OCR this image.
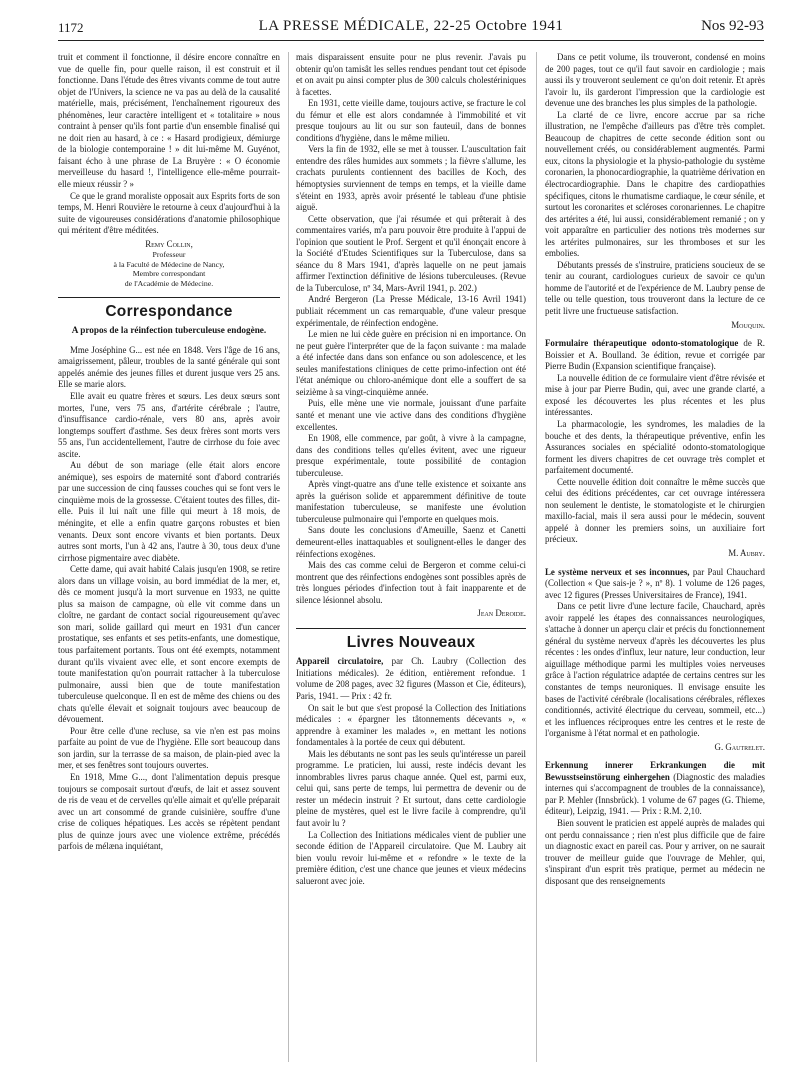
1172	LA PRESSE MÉDICALE, 22-25 Octobre 1941	Nos 92-93

truit et comment il fonctionne, il désire encore connaître en vue de quelle fin, pour quelle raison, il est construit et il fonctionne. Dans l'étude des êtres vivants comme de tout autre objet de l'Univers, la science ne va pas au delà de la causalité matérielle, mais, précisément, l'enchaînement rigoureux des phénomènes, leur caractère intelligent et « totalitaire » nous contraint à penser qu'ils font partie d'un ensemble finalisé qui ne doit rien au hasard, à ce : « Hasard prodigieux, démiurge de la biologie contemporaine ! » dit lui-même M. Guyénot, faisant écho à une phrase de La Bruyère : « O économie merveilleuse du hasard !, l'intelligence elle-même pourrait-elle mieux réussir ? »

Ce que le grand moraliste opposait aux Esprits forts de son temps, M. Henri Rouvière le retourne à ceux d'aujourd'hui à la suite de vigoureuses considérations d'anatomie philosophique qui méritent d'être méditées.

Remy Collin,
Professeur
à la Faculté de Médecine de Nancy,
Membre correspondant
de l'Académie de Médecine.
Correspondance
A propos de la réinfection tuberculeuse endogène.

Mme Joséphine G... est née en 1848. Vers l'âge de 16 ans, amaigrissement, pâleur, troubles de la santé générale qui sont appelés anémie des jeunes filles et durent jusque vers 25 ans. Elle se marie alors.

Elle avait eu quatre frères et sœurs. Les deux sœurs sont mortes, l'une, vers 75 ans, d'artérite cérébrale ; l'autre, d'insuffisance cardio-rénale, vers 80 ans, après avoir longtemps souffert d'asthme. Ses deux frères sont morts vers 55 ans, l'un accidentellement, l'autre de cirrhose du foie avec ascite.

Au début de son mariage (elle était alors encore anémique), ses espoirs de maternité sont d'abord contrariés par une succession de cinq fausses couches qui se font vers le cinquième mois de la grossesse. C'étaient toutes des filles, dit-elle. Puis il lui naît une fille qui meurt à 18 mois, de méningite, et elle a enfin quatre garçons robustes et bien venants. Deux sont encore vivants et bien portants. Deux autres sont morts, l'un à 42 ans, l'autre à 30, tous deux d'une cirrhose pigmentaire avec diabète.

Cette dame, qui avait habité Calais jusqu'en 1908, se retire alors dans un village voisin, au bord immédiat de la mer, et, dès ce moment jusqu'à la mort survenue en 1933, ne quitte plus sa maison de campagne, où elle vit comme dans un cloître, ne gardant de contact social rigoureusement qu'avec son mari, solide gaillard qui meurt en 1931 d'un cancer prostatique, ses enfants et ses petits-enfants, une domestique, tous parfaitement portants. Tous ont été exempts, notamment durant qu'ils vivaient avec elle, et sont encore exempts de toute manifestation qu'on pourrait rattacher à la tuberculose pulmonaire, aussi bien que de toute manifestation tuberculeuse quelconque. Il en est de même des chiens ou des chats qu'elle élevait et soignait toujours avec beaucoup de dévouement.

Pour être celle d'une recluse, sa vie n'en est pas moins parfaite au point de vue de l'hygiène. Elle sort beaucoup dans son jardin, sur la terrasse de sa maison, de plain-pied avec la mer, et ses fenêtres sont toujours ouvertes.

En 1918, Mme G..., dont l'alimentation depuis presque toujours se composait surtout d'œufs, de lait et assez souvent de ris de veau et de cervelles qu'elle aimait et qu'elle préparait avec un art consommé de grande cuisinière, souffre d'une crise de coliques hépatiques. Les accès se répètent pendant plus de quinze jours avec une violence extrême, précédés parfois de mélæna inquiétant,

mais disparaissent ensuite pour ne plus revenir. J'avais pu obtenir qu'on tamisât les selles rendues pendant tout cet épisode et on avait pu ainsi compter plus de 300 calculs cholestériniques à facettes.

En 1931, cette vieille dame, toujours active, se fracture le col du fémur et elle est alors condamnée à l'immobilité et vit presque toujours au lit ou sur son fauteuil, dans de bonnes conditions d'hygiène, dans le même milieu.

Vers la fin de 1932, elle se met à tousser. L'auscultation fait entendre des râles humides aux sommets ; la fièvre s'allume, les crachats purulents contiennent des bacilles de Koch, des hémoptysies surviennent de temps en temps, et la vieille dame s'éteint en 1933, après avoir présenté le tableau d'une phtisie aiguë.

Cette observation, que j'ai résumée et qui prêterait à des commentaires variés, m'a paru pouvoir être produite à l'appui de l'opinion que soutient le Prof. Sergent et qu'il énonçait encore à la Société d'Etudes Scientifiques sur la Tuberculose, dans sa séance du 8 Mars 1941, d'après laquelle on ne peut jamais affirmer l'extinction définitive de lésions tuberculeuses. (Revue de la Tuberculose, nº 34, Mars-Avril 1941, p. 202.)

André Bergeron (La Presse Médicale, 13-16 Avril 1941) publiait récemment un cas remarquable, d'une valeur presque expérimentale, de réinfection endogène.

Le mien ne lui cède guère en précision ni en importance. On ne peut guère l'interpréter que de la façon suivante : ma malade a été infectée dans dans son enfance ou son adolescence, et les seules manifestations cliniques de cette primo-infection ont été l'état anémique ou chloro-anémique dont elle a souffert de sa seizième à sa vingt-cinquième année.

Puis, elle mène une vie normale, jouissant d'une parfaite santé et menant une vie active dans des conditions d'hygiène excellentes.

En 1908, elle commence, par goût, à vivre à la campagne, dans des conditions telles qu'elles évitent, avec une rigueur presque expérimentale, toute possibilité de contagion tuberculeuse.

Après vingt-quatre ans d'une telle existence et soixante ans après la guérison solide et apparemment définitive de toute manifestation tuberculeuse, se manifeste une évolution tuberculeuse pulmonaire qui l'emporte en quelques mois.

Sans doute les conclusions d'Ameuille, Saenz et Canetti demeurent-elles inattaquables et soulignent-elles le danger des réinfections exogènes.

Mais des cas comme celui de Bergeron et comme celui-ci montrent que des réinfections endogènes sont possibles après de très longues périodes d'infection tout à fait inapparente et de silence lésionnel absolu.

Jean Deroide.
Livres Nouveaux

Appareil circulatoire, par Ch. Laubry (Collection des Initiations médicales). 2e édition, entièrement refondue. 1 volume de 208 pages, avec 32 figures (Masson et Cie, éditeurs), Paris, 1941. — Prix : 42 fr.

On sait le but que s'est proposé la Collection des Initiations médicales : « épargner les tâtonnements décevants », « apprendre à examiner les malades », en mettant les notions fondamentales à la portée de ceux qui débutent.

Mais les débutants ne sont pas les seuls qu'intéresse un pareil programme. Le praticien, lui aussi, reste indécis devant les innombrables livres parus chaque année. Quel est, parmi eux, celui qui, sans perte de temps, lui permettra de devenir ou de rester un médecin instruit ? Et surtout, dans cette cardiologie pleine de mystères, quel est le livre facile à comprendre, qu'il faut avoir lu ?

La Collection des Initiations médicales vient de publier une seconde édition de l'Appareil circulatoire. Que M. Laubry ait bien voulu revoir lui-même et « refondre » le texte de la première édition, c'est une chance que jeunes et vieux médecins salueront avec joie.

Dans ce petit volume, ils trouveront, condensé en moins de 200 pages, tout ce qu'il faut savoir en cardiologie ; mais aussi ils y trouveront seulement ce qu'on doit retenir. Et après l'avoir lu, ils garderont l'impression que la cardiologie est devenue une des branches les plus simples de la pathologie.

La clarté de ce livre, encore accrue par sa riche illustration, ne l'empêche d'ailleurs pas d'être très complet. Beaucoup de chapitres de cette seconde édition sont ou nouvellement créés, ou considérablement augmentés. Parmi eux, citons la physiologie et la physio-pathologie du système coronarien, la phonocardiographie, la quatrième dérivation en électrocardiographie. Dans le chapitre des cardiopathies spécifiques, citons le rhumatisme cardiaque, le cœur sénile, et surtout les coronarites et scléroses coronariennes. Le chapitre des artérites a été, lui aussi, considérablement remanié ; on y voit apparaître en particulier des notions très modernes sur les artérites pulmonaires, sur les thromboses et sur les embolies.

Débutants pressés de s'instruire, praticiens soucieux de se tenir au courant, cardiologues curieux de savoir ce qu'un homme de l'autorité et de l'expérience de M. Laubry pense de telle ou telle question, tous trouveront dans la lecture de ce petit livre une fructueuse satisfaction.

Mouquin.

Formulaire thérapeutique odonto-stomatologique de R. Boissier et A. Boulland. 3e édition, revue et corrigée par Pierre Budin (Expansion scientifique française).

La nouvelle édition de ce formulaire vient d'être révisée et mise à jour par Pierre Budin, qui, avec une grande clarté, a exposé les découvertes les plus récentes et les plus intéressantes.

La pharmacologie, les syndromes, les maladies de la bouche et des dents, la thérapeutique préventive, enfin les Assurances sociales en spécialité odonto-stomatologique forment les divers chapitres de cet ouvrage très complet et parfaitement documenté.

Cette nouvelle édition doit connaître le même succès que celui des éditions précédentes, car cet ouvrage intéressera non seulement le dentiste, le stomatologiste et le chirurgien maxillo-facial, mais il sera aussi pour le médecin, souvent appelé à donner les premiers soins, un auxiliaire fort précieux.

M. Aubry.

Le système nerveux et ses inconnues, par Paul Chauchard (Collection « Que sais-je ? », nº 8). 1 volume de 126 pages, avec 12 figures (Presses Universitaires de France), 1941.

Dans ce petit livre d'une lecture facile, Chauchard, après avoir rappelé les étapes des connaissances neurologiques, s'attache à donner un aperçu clair et précis du fonctionnement général du système nerveux d'après les découvertes les plus récentes : les ondes d'influx, leur nature, leur conduction, leur aiguillage méthodique parmi les multiples voies nerveuses grâce à l'action régulatrice adaptée de certains centres sur les constantes de temps neuroniques. Il envisage ensuite les bases de l'activité cérébrale (localisations cérébrales, réflexes conditionnés, activité électrique du cerveau, sommeil, etc...) et les influences réciproques entre les centres et le reste de l'organisme à l'état normal et en pathologie.

G. Gautrelet.

Erkennung innerer Erkrankungen die mit Bewusstseinstörung einhergehen (Diagnostic des maladies internes qui s'accompagnent de troubles de la connaissance), par P. Mehler (Innsbrück). 1 volume de 67 pages (G. Thieme, éditeur), Leipzig, 1941. — Prix : R.M. 2,10.

Bien souvent le praticien est appelé auprès de malades qui ont perdu connaissance ; rien n'est plus difficile que de faire un diagnostic exact en pareil cas. Pour y arriver, on ne saurait trouver de meilleur guide que l'ouvrage de Mehler, qui, s'inspirant d'un esprit très pratique, permet au médecin ne disposant que des renseignements
